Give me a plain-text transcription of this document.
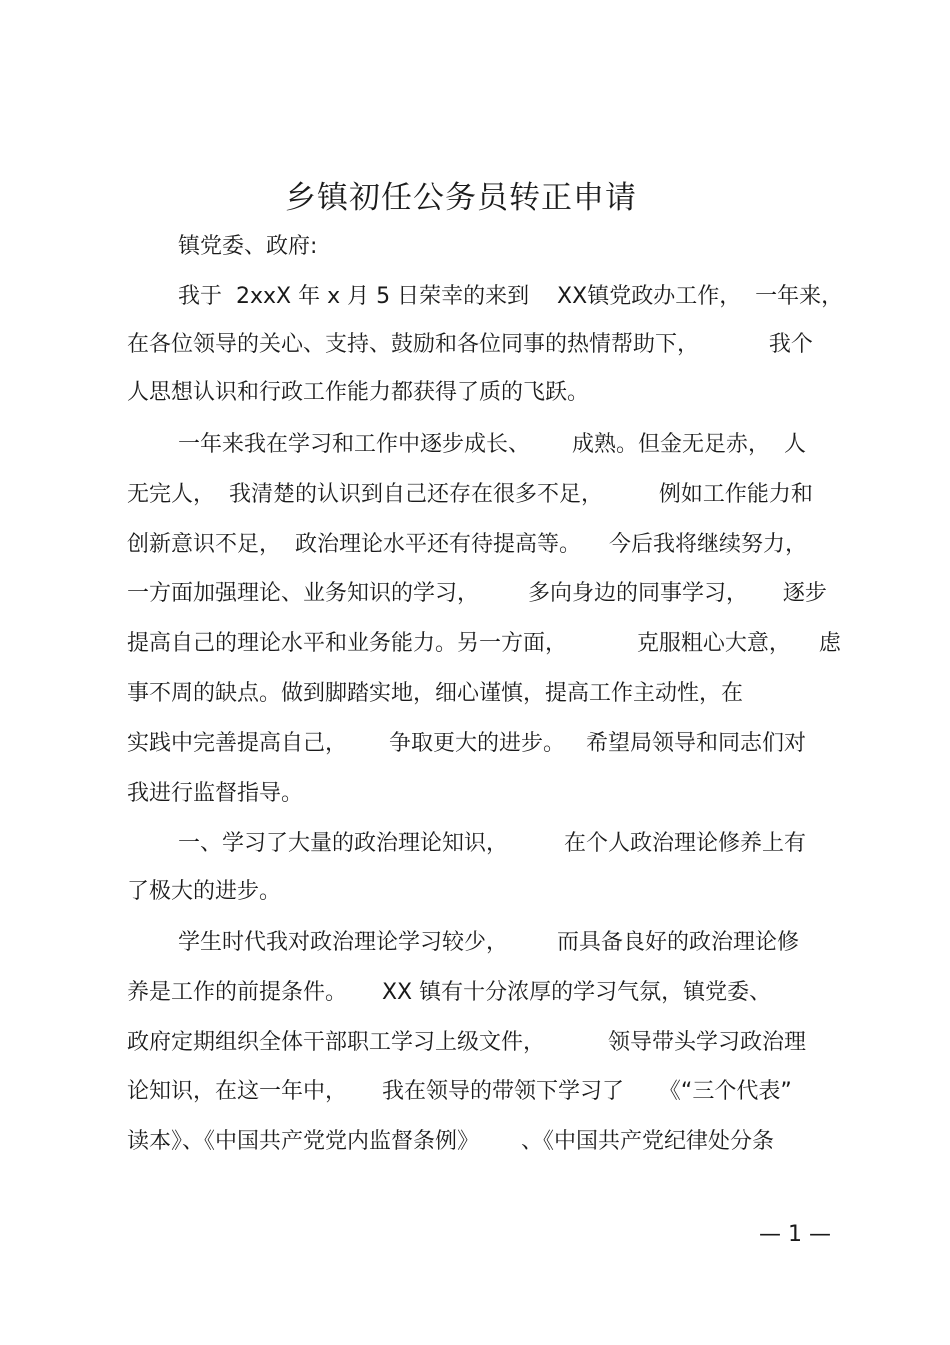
乡镇初任公务员转正申请
镇党委、政府:
我于  2xxX 年 x 月 5 日荣幸的来到    XX镇党政办工作，  一年来，
在各位领导的关心、支持、鼓励和各位同事的热情帮助下，          我个
人思想认识和行政工作能力都获得了质的飞跃。
一年来我在学习和工作中逐步成长、      成熟。但金无足赤，  人
无完人，  我清楚的认识到自己还存在很多不足，        例如工作能力和
创新意识不足，  政治理论水平还有待提高等。    今后我将继续努力，
一方面加强理论、业务知识的学习，       多向身边的同事学习，     逐步
提高自己的理论水平和业务能力。另一方面，          克服粗心大意，    虑
事不周的缺点。做到脚踏实地，细心谨慎，提高工作主动性，在
实践中完善提高自己，      争取更大的进步。   希望局领导和同志们对
我进行监督指导。
一、学习了大量的政治理论知识，        在个人政治理论修养上有
了极大的进步。
学生时代我对政治理论学习较少，       而具备良好的政治理论修
养是工作的前提条件。     XX 镇有十分浓厚的学习气氛，镇党委、
政府定期组织全体干部职工学习上级文件，         领导带头学习政治理
论知识，在这一年中，     我在领导的带领下学习了     《“三个代表”
读本》、《中国共产党党内监督条例》      、《中国共产党纪律处分条
— 1 —
